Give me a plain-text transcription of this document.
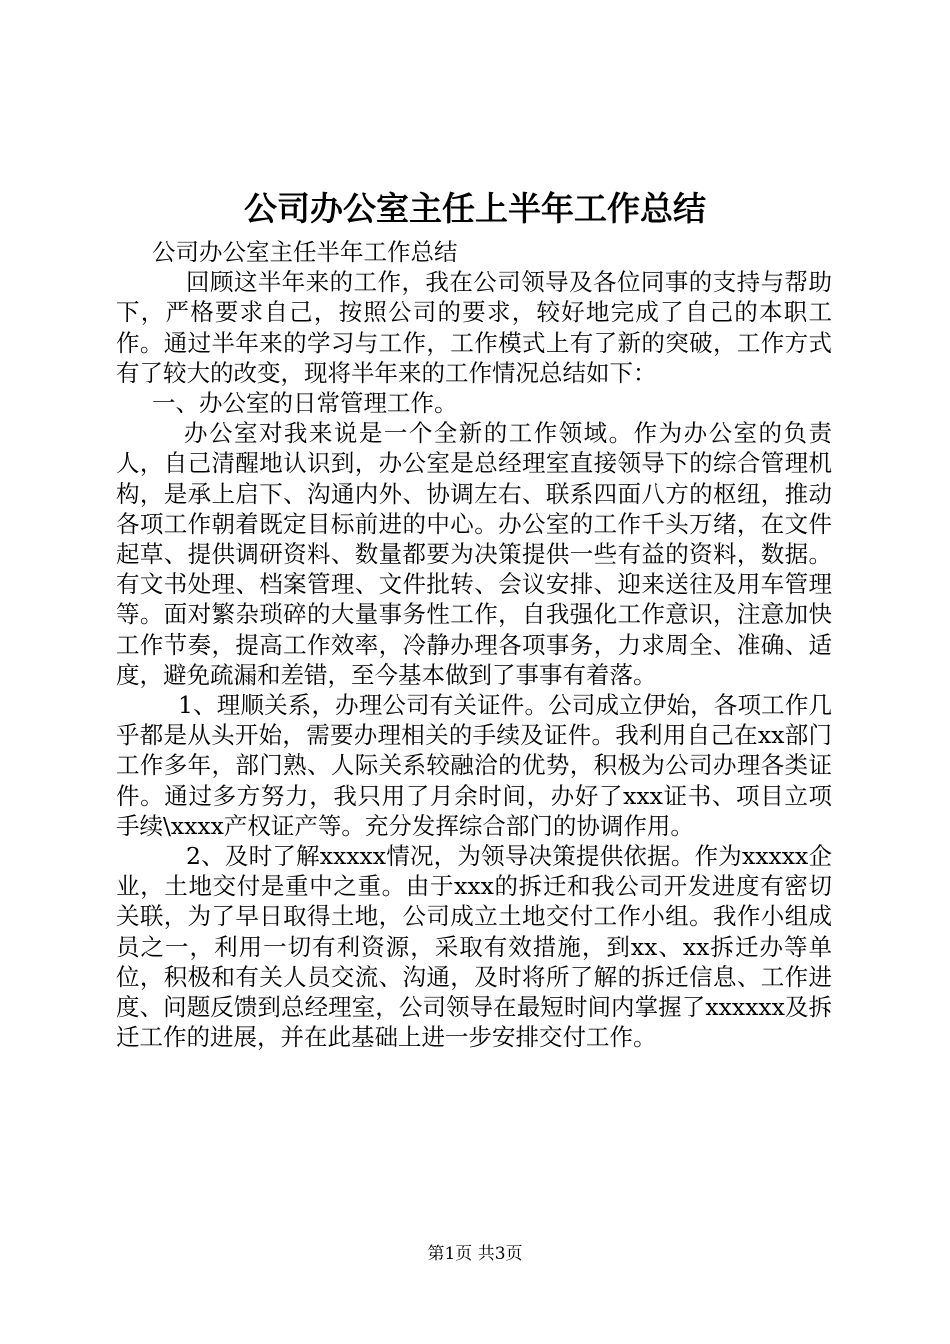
公司办公室主任上半年工作总结

公司办公室主任半年工作总结

回顾这半年来的工作，我在公司领导及各位同事的支持与帮助下，严格要求自己，按照公司的要求，较好地完成了自己的本职工作。通过半年来的学习与工作，工作模式上有了新的突破，工作方式有了较大的改变，现将半年来的工作情况总结如下：

一、办公室的日常管理工作。

办公室对我来说是一个全新的工作领域。作为办公室的负责人，自己清醒地认识到，办公室是总经理室直接领导下的综合管理机构，是承上启下、沟通内外、协调左右、联系四面八方的枢纽，推动各项工作朝着既定目标前进的中心。办公室的工作千头万绪，在文件起草、提供调研资料、数量都要为决策提供一些有益的资料，数据。有文书处理、档案管理、文件批转、会议安排、迎来送往及用车管理等。面对繁杂琐碎的大量事务性工作，自我强化工作意识，注意加快工作节奏，提高工作效率，冷静办理各项事务，力求周全、准确、适度，避免疏漏和差错，至今基本做到了事事有着落。

1、理顺关系，办理公司有关证件。公司成立伊始，各项工作几乎都是从头开始，需要办理相关的手续及证件。我利用自己在xx部门工作多年，部门熟、人际关系较融洽的优势，积极为公司办理各类证件。通过多方努力，我只用了月余时间，办好了xxx证书、项目立项手续\xxxx产权证产等。充分发挥综合部门的协调作用。

2、及时了解xxxxx情况，为领导决策提供依据。作为xxxxx企业，土地交付是重中之重。由于xxx的拆迁和我公司开发进度有密切关联，为了早日取得土地，公司成立土地交付工作小组。我作小组成员之一，利用一切有利资源，采取有效措施，到xx、xx拆迁办等单位，积极和有关人员交流、沟通，及时将所了解的拆迁信息、工作进度、问题反馈到总经理室，公司领导在最短时间内掌握了xxxxxx及拆迁工作的进展，并在此基础上进一步安排交付工作。

第1页 共3页
